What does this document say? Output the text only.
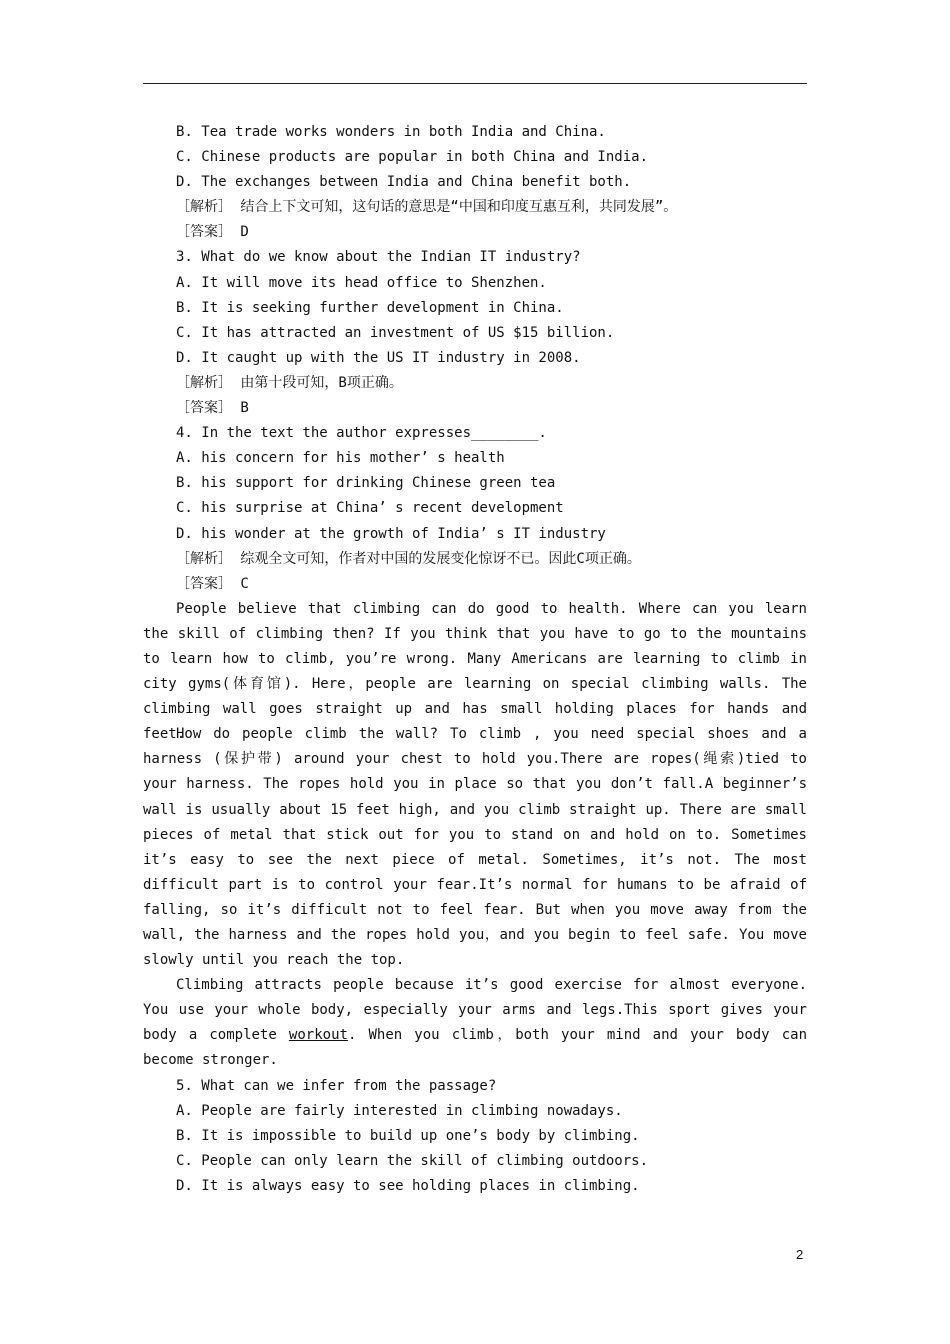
B. Tea trade works wonders in both India and China.
C. Chinese products are popular in both China and India.
D. The exchanges between India and China benefit both.
［解析］ 结合上下文可知，这句话的意思是“中国和印度互惠互利，共同发展”。
［答案］ D
3. What do we know about the Indian IT industry?
A. It will move its head office to Shenzhen.
B. It is seeking further development in China.
C. It has attracted an investment of US $15 billion.
D. It caught up with the US IT industry in 2008.
［解析］ 由第十段可知，B项正确。
［答案］ B
4. In the text the author expresses________.
A. his concern for his mother’ s health
B. his support for drinking Chinese green tea
C. his surprise at China’ s recent development
D. his wonder at the growth of India’ s IT industry
［解析］ 综观全文可知，作者对中国的发展变化惊讶不已。因此C项正确。
［答案］ C
People believe that climbing can do good to health. Where can you learn
the skill of climbing then? If you think that you have to go to the mountains
to learn how to climb, you’re wrong. Many Americans are learning to climb in
city gyms(体育馆). Here，people are learning on special climbing walls. The
climbing wall goes straight up and has small holding places for hands and feet.
How do people climb the wall? To climb , you need special shoes and a
harness (保护带) around your chest to hold you.There are ropes(绳索)tied to
your harness. The ropes hold you in place so that you don’t fall.A beginner’s
wall is usually about 15 feet high, and you climb straight up. There are small
pieces of metal that stick out for you to stand on and hold on to. Sometimes
it’s easy to see the next piece of metal. Sometimes, it’s not. The most
difficult part is to control your fear.It’s normal for humans to be afraid of
falling, so it’s difficult not to feel fear. But when you move away from the
wall, the harness and the ropes hold you，and you begin to feel safe. You move
slowly until you reach the top.
Climbing attracts people because it’s good exercise for almost everyone.
You use your whole body, especially your arms and legs.This sport gives your
body a complete workout. When you climb，both your mind and your body can
become stronger.
5. What can we infer from the passage?
A. People are fairly interested in climbing nowadays.
B. It is impossible to build up one’s body by climbing.
C. People can only learn the skill of climbing outdoors.
D. It is always easy to see holding places in climbing.
2
